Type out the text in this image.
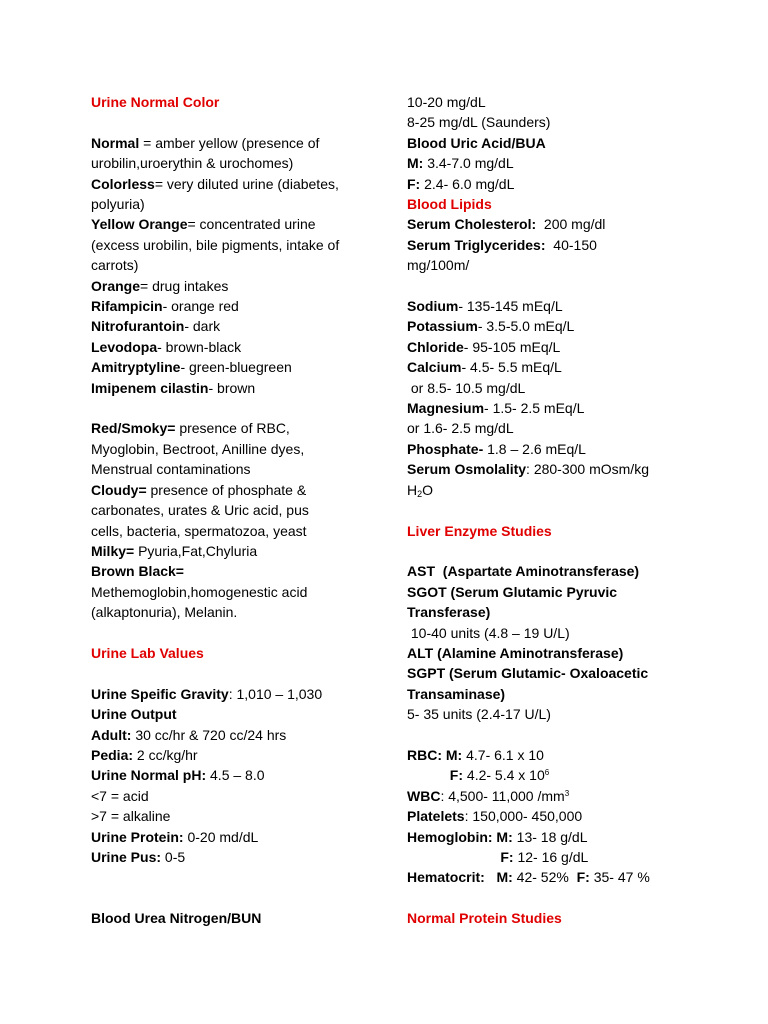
Urine Normal Color
Normal = amber yellow (presence of
urobilin,uroerythin & urochomes)
Colorless= very diluted urine (diabetes,
polyuria)
Yellow Orange= concentrated urine
(excess urobilin, bile pigments, intake of
carrots)
Orange= drug intakes
Rifampicin- orange red
Nitrofurantoin- dark
Levodopa- brown-black
Amitryptyline- green-bluegreen
Imipenem cilastin- brown
Red/Smoky= presence of RBC,
Myoglobin, Bectroot, Anilline dyes,
Menstrual contaminations
Cloudy= presence of phosphate &
carbonates, urates & Uric acid, pus
cells, bacteria, spermatozoa, yeast
Milky= Pyuria,Fat,Chyluria
Brown Black=
Methemoglobin,homogenestic acid
(alkaptonuria), Melanin.
Urine Lab Values
Urine Speific Gravity: 1,010 – 1,030
Urine Output
Adult: 30 cc/hr & 720 cc/24 hrs
Pedia: 2 cc/kg/hr
Urine Normal pH: 4.5 – 8.0
<7 = acid
>7 = alkaline
Urine Protein: 0-20 md/dL
Urine Pus: 0-5
Blood Urea Nitrogen/BUN
10-20 mg/dL
8-25 mg/dL (Saunders)
Blood Uric Acid/BUA
M: 3.4-7.0 mg/dL
F: 2.4- 6.0 mg/dL
Blood Lipids
Serum Cholesterol:  200 mg/dl
Serum Triglycerides:  40-150
mg/100m/
Sodium- 135-145 mEq/L
Potassium- 3.5-5.0 mEq/L
Chloride- 95-105 mEq/L
Calcium- 4.5- 5.5 mEq/L
or 8.5- 10.5 mg/dL
Magnesium- 1.5- 2.5 mEq/L
or 1.6- 2.5 mg/dL
Phosphate- 1.8 – 2.6 mEq/L
Serum Osmolality: 280-300 mOsm/kg
$H_2O$
Liver Enzyme Studies
AST  (Aspartate Aminotransferase)
SGOT (Serum Glutamic Pyruvic
Transferase)
10-40 units (4.8 – 19 U/L)
ALT (Alamine Aminotransferase)
SGPT (Serum Glutamic- Oxaloacetic
Transaminase)
5- 35 units (2.4-17 U/L)
RBC: M: 4.7- 6.1 x 10
F: 4.2- 5.4 x $10^6$
WBC: 4,500- 11,000 $/mm^3$
Platelets: 150,000- 450,000
Hemoglobin: M: 13- 18 g/dL
F: 12- 16 g/dL
Hematocrit:   M: 42- 52%  F: 35- 47 %
Normal Protein Studies
